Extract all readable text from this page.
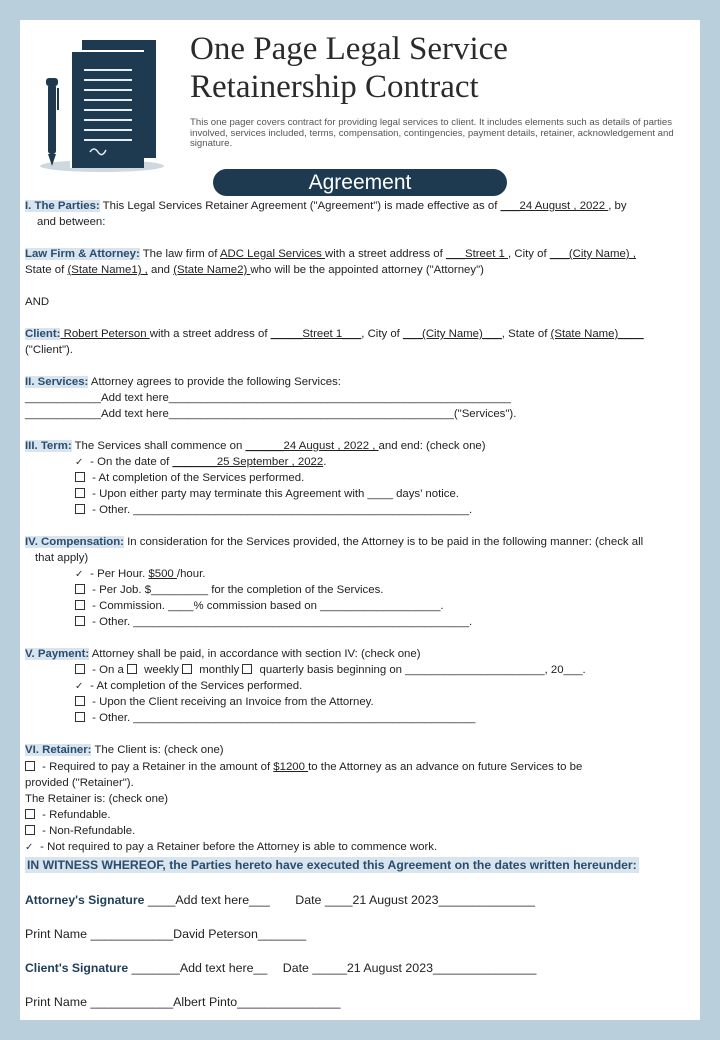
One Page Legal Service
Retainership Contract
This one pager covers contract for providing legal services to client. It includes elements such as details of parties involved, services included, terms, compensation, contingencies, payment details, retainer, acknowledgement and signature.
Agreement
I. The Parties: This Legal Services Retainer Agreement ("Agreement") is made effective as of ___24 August , 2022 , by
and between:
Law Firm & Attorney: The law firm of ADC Legal Services with a street address of ___Street 1 , City of ___(City Name) ,
State of (State Name1) , and (State Name2) who will be the appointed attorney ("Attorney")
AND
Client: Robert Peterson with a street address of _____Street 1___, City of ___(City Name)___, State of (State Name)____
("Client").
II. Services: Attorney agrees to provide the following Services:
____________Add text here______________________________________________________
____________Add text here_____________________________________________("Services").
III. Term: The Services shall commence on ______24 August , 2022 , and end: (check one)
✓ - On the date of _______25 September , 2022.
- At completion of the Services performed.
- Upon either party may terminate this Agreement with ____ days’ notice.
- Other. _____________________________________________________.
IV. Compensation: In consideration for the Services provided, the Attorney is to be paid in the following manner: (check all
that apply)
✓ - Per Hour. $500 /hour.
- Per Job. $_________ for the completion of the Services.
- Commission. ____% commission based on ___________________.
- Other. _____________________________________________________.
V. Payment: Attorney shall be paid, in accordance with section IV: (check one)
- On a  weekly  monthly  quarterly basis beginning on ______________________, 20___.
✓ - At completion of the Services performed.
- Upon the Client receiving an Invoice from the Attorney.
- Other. ______________________________________________________
VI. Retainer: The Client is: (check one)
- Required to pay a Retainer in the amount of $1200 to the Attorney as an advance on future Services to be
provided ("Retainer").
The Retainer is: (check one)
- Refundable.
- Non-Refundable.
✓ - Not required to pay a Retainer before the Attorney is able to commence work.
IN WITNESS WHEREOF, the Parties hereto have executed this Agreement on the dates written hereunder:
Attorney's Signature ____Add text here___ Date ____21 August 2023______________
Print Name ____________David Peterson_______
Client's Signature _______Add text here__ Date _____21 August 2023_______________
Print Name ____________Albert Pinto_______________
